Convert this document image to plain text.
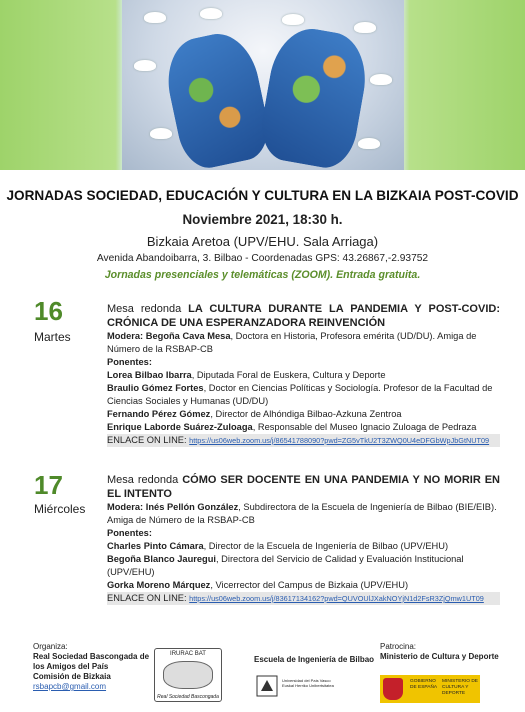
JORNADAS SOCIEDAD, EDUCACIÓN Y CULTURA EN LA BIZKAIA POST-COVID
Noviembre 2021, 18:30 h.
Bizkaia Aretoa (UPV/EHU. Sala Arriaga)
Avenida Abandoibarra, 3. Bilbao - Coordenadas GPS: 43.26867,-2.93752
Jornadas presenciales y telemáticas (ZOOM). Entrada gratuita.
16
Martes

Mesa redonda LA CULTURA DURANTE LA PANDEMIA Y POST-COVID: CRÓNICA DE UNA ESPERANZADORA REINVENCIÓN

Modera: Begoña Cava Mesa, Doctora en Historia, Profesora emérita (UD/DU). Amiga de Número de la RSBAP-CB

Ponentes:

Lorea Bilbao Ibarra, Diputada Foral de Euskera, Cultura y Deporte

Braulio Gómez Fortes, Doctor en Ciencias Políticas y Sociología. Profesor de la Facultad de Ciencias Sociales y Humanas (UD/DU)

Fernando Pérez Gómez, Director de Alhóndiga Bilbao-Azkuna Zentroa

Enrique Laborde Suárez-Zuloaga, Responsable del Museo Ignacio Zuloaga de Pedraza

ENLACE ON LINE: https://us06web.zoom.us/j/86541788090?pwd=ZG5vTkU2T3ZWQ0U4eDFGbWpJbGtNUT09

17
Miércoles

Mesa redonda CÓMO SER DOCENTE EN UNA PANDEMIA Y NO MORIR EN EL INTENTO

Modera: Inés Pellón González, Subdirectora de la Escuela de Ingeniería de Bilbao (BIE/EIB). Amiga de Número de la RSBAP-CB

Ponentes:

Charles Pinto Cámara, Director de la Escuela de Ingeniería de Bilbao (UPV/EHU)

Begoña Blanco Jauregui, Directora del Servicio de Calidad y Evaluación Institucional (UPV/EHU)

Gorka Moreno Márquez, Vicerrector del Campus de Bizkaia (UPV/EHU)

ENLACE ON LINE: https://us06web.zoom.us/j/83617134162?pwd=QUVOUlJXakNOYjN1d2FsR3ZjQmw1UT09

Organiza:
Real Sociedad Bascongada de
los Amigos del País
Comisión de Bizkaia
rsbapcb@gmail.com
IRURAC BAT
Real Sociedad Bascongada
Escuela de Ingeniería de Bilbao
Universidad del País Vasco
Euskal Herriko Unibertsitatea
Patrocina:
Ministerio de Cultura y Deporte
GOBIERNO DE ESPAÑA
MINISTERIO DE CULTURA Y DEPORTE
